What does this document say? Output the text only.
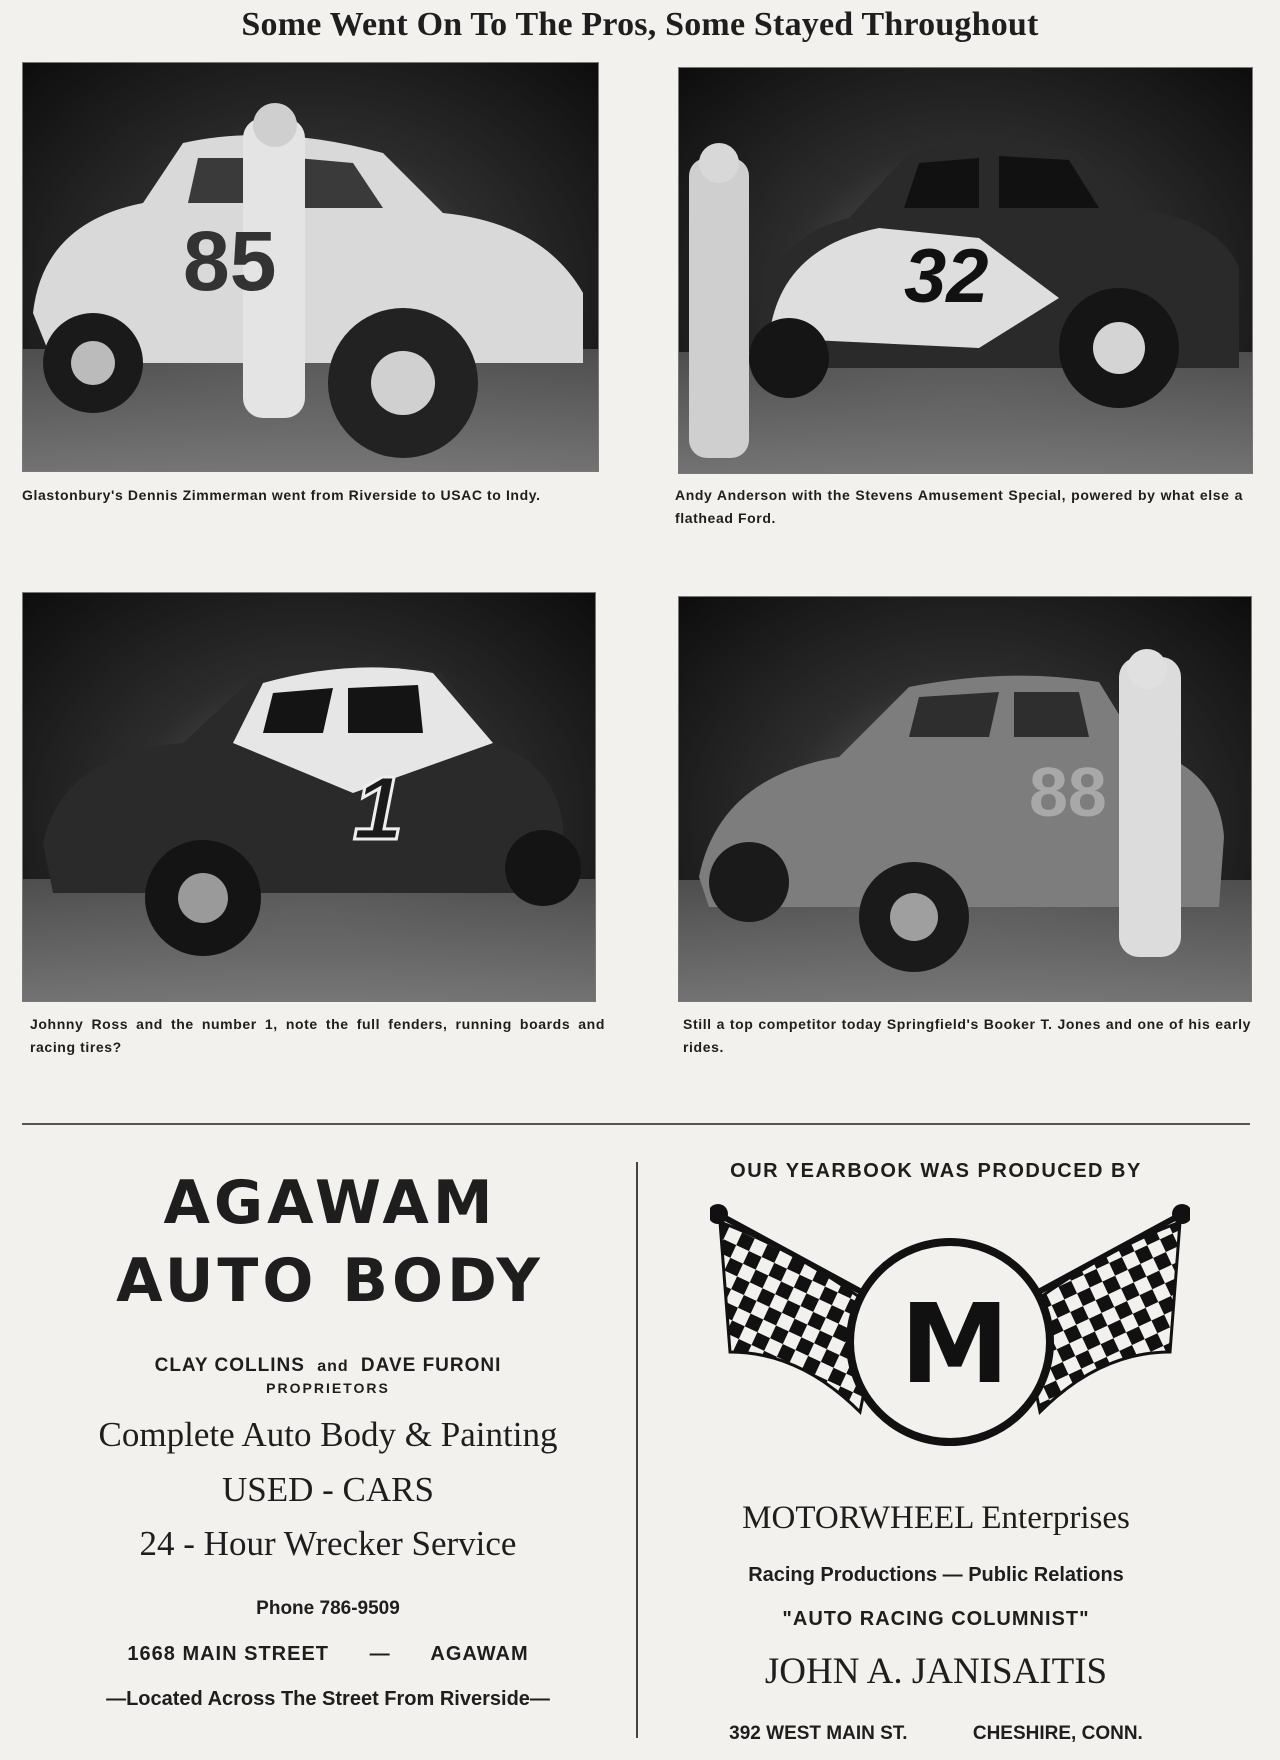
Some Went On To The Pros, Some Stayed Throughout
85	32
1	88
Glastonbury's Dennis Zimmerman went from Riverside to USAC to Indy.	Andy Anderson with the Stevens Amusement Special, powered by what else a flathead Ford.
Johnny Ross and the number 1, note the full fenders, running boards and racing tires?
Still a top competitor today Springfield's Booker T. Jones and one of his early rides.
AGAWAM
AUTO BODY
CLAY COLLINS and DAVE FURONI
PROPRIETORS
Complete Auto Body & Painting
USED - CARS
24 - Hour Wrecker Service
Phone 786-9509
1668 MAIN STREET — AGAWAM
—Located Across The Street From Riverside—
OUR YEARBOOK WAS PRODUCED BY
M
MOTORWHEEL Enterprises
Racing Productions — Public Relations
"AUTO RACING COLUMNIST"
JOHN A. JANISAITIS
392 WEST MAIN ST.	CHESHIRE, CONN.
